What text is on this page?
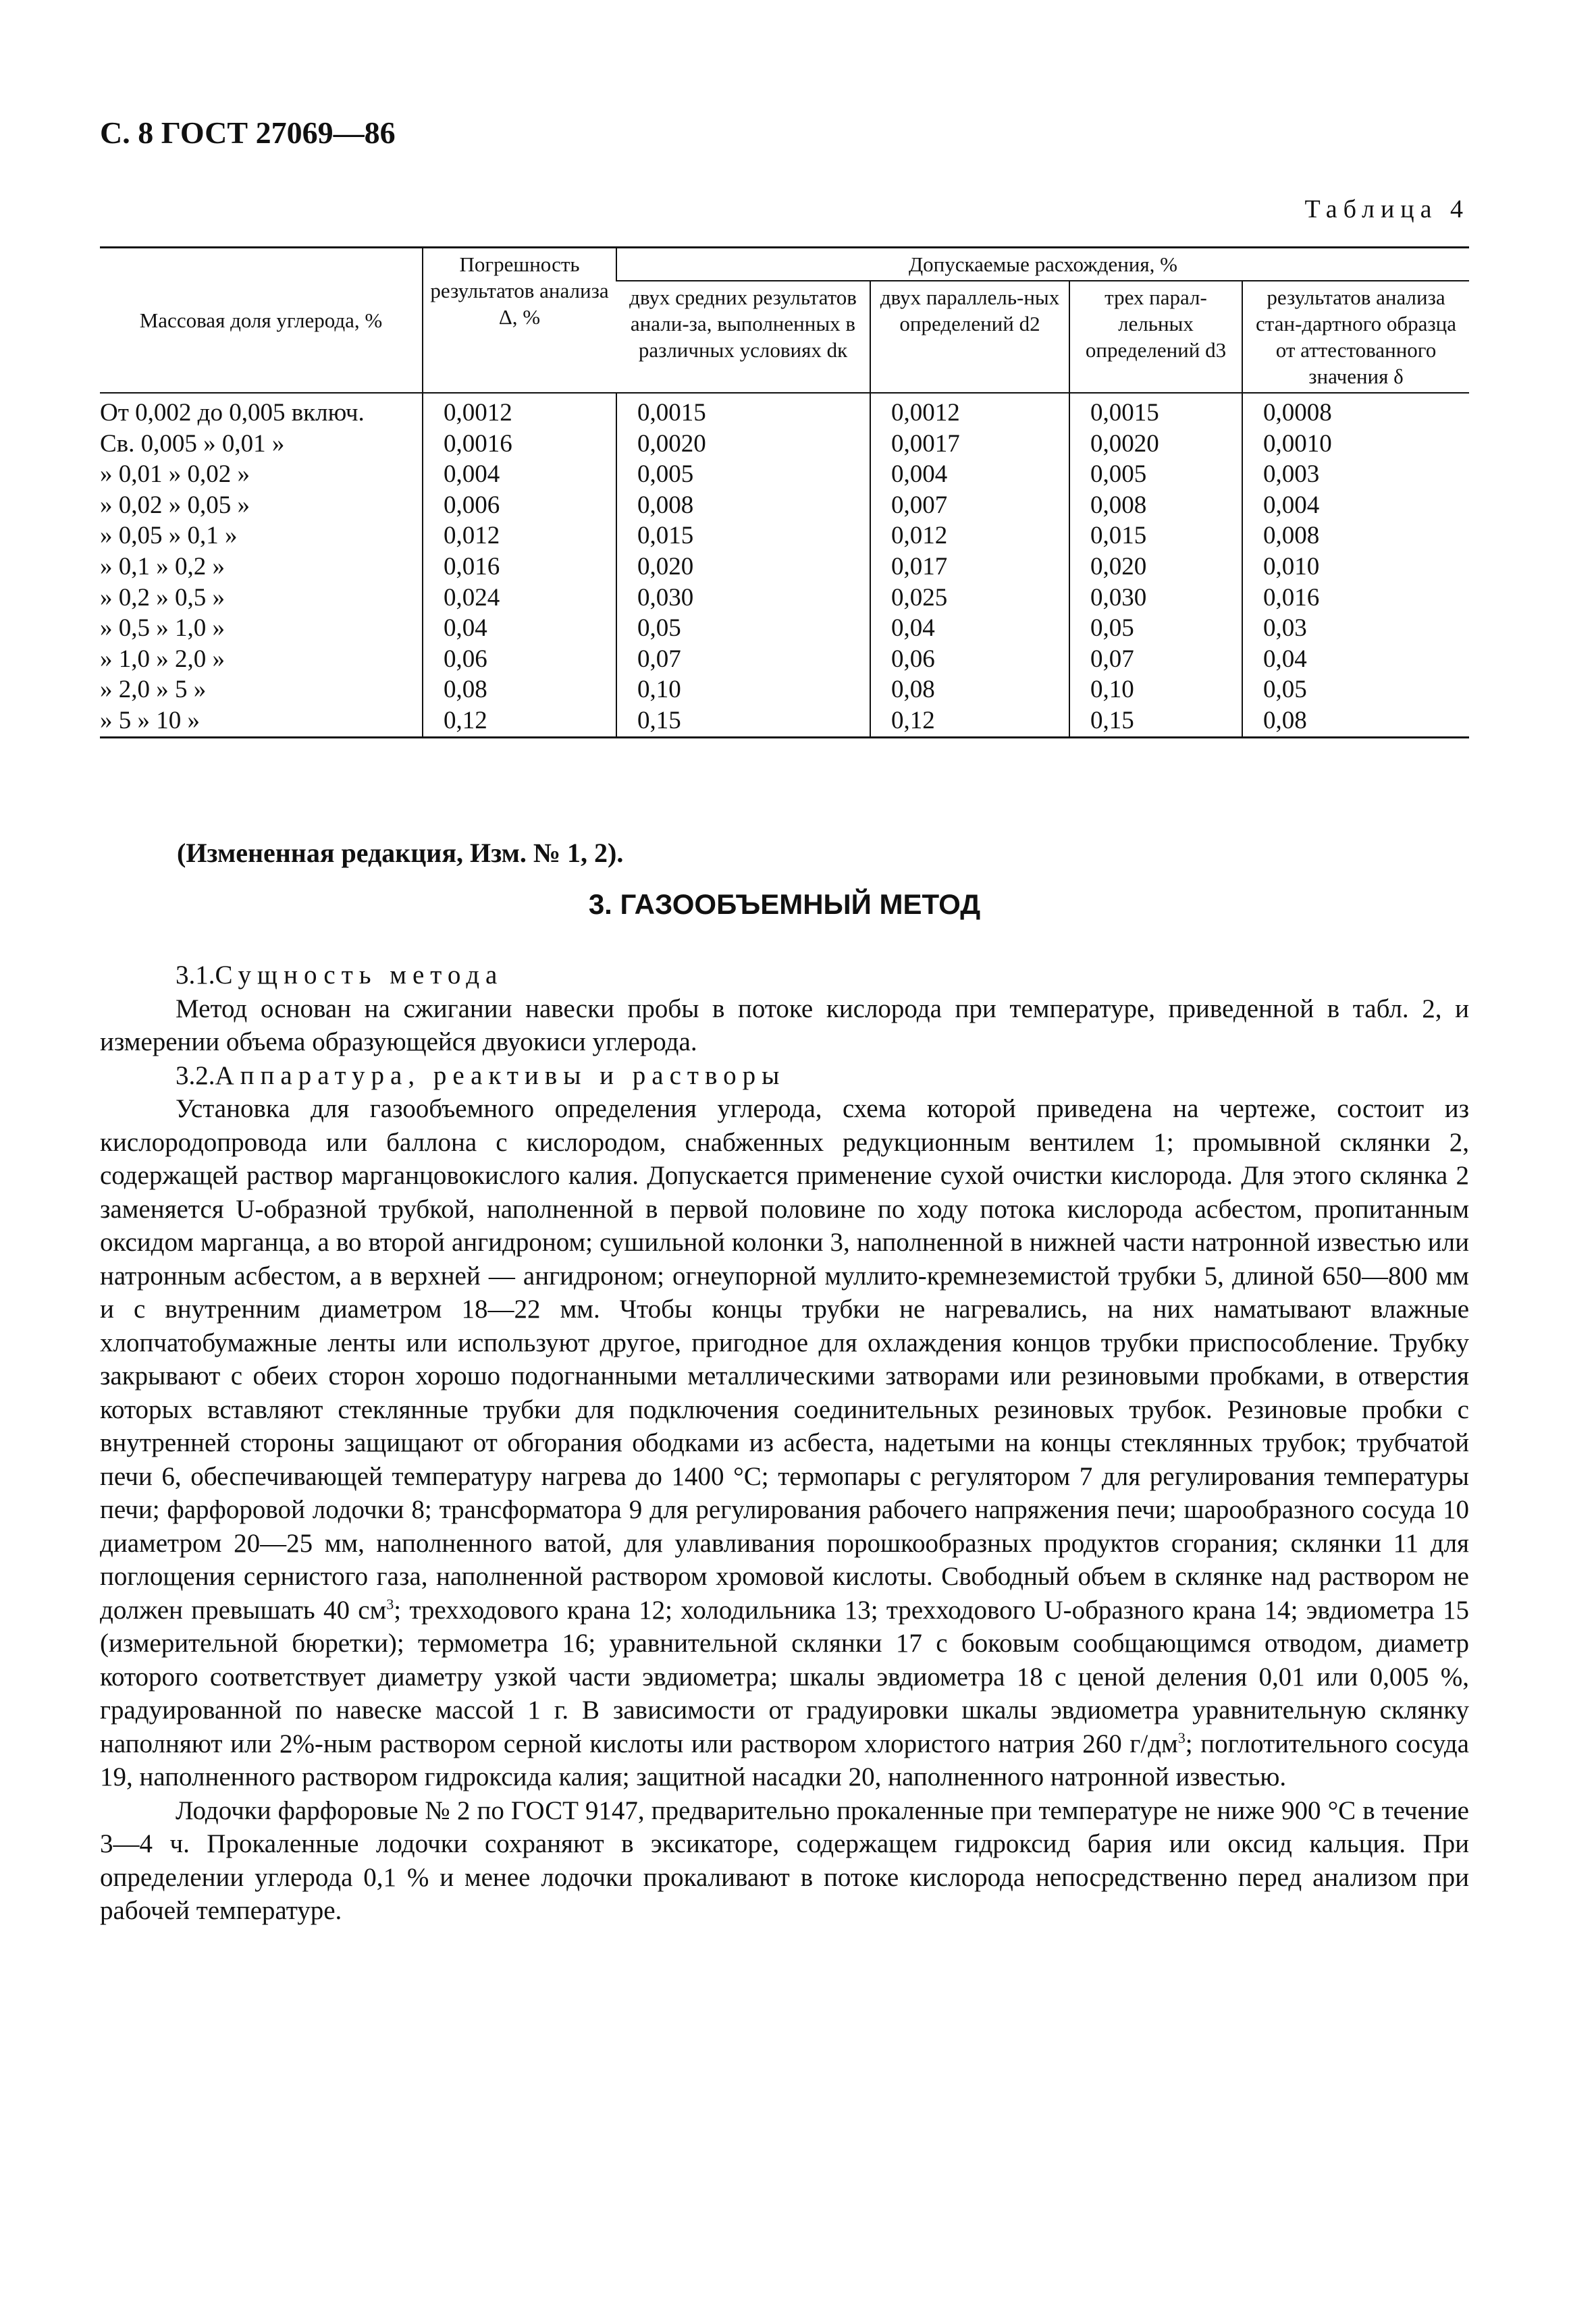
С. 8 ГОСТ 27069—86
Таблица 4
Массовая доля углерода, %	Погрешность результатов анализа Δ, %	Допускаемые расхождения, %			
		двух средних результатов анали-за, выполненных в различных условиях dк	двух параллель-ных определений d2	трех парал-лельных определений d3	результатов анализа стан-дартного образца от аттестованного значения δ
От 0,002 до 0,005 включ.	0,0012	0,0015	0,0012	0,0015	0,0008
Св. 0,005 » 0,01 »	0,0016	0,0020	0,0017	0,0020	0,0010
» 0,01 » 0,02 »	0,004	0,005	0,004	0,005	0,003
» 0,02 » 0,05 »	0,006	0,008	0,007	0,008	0,004
» 0,05 » 0,1 »	0,012	0,015	0,012	0,015	0,008
» 0,1 » 0,2 »	0,016	0,020	0,017	0,020	0,010
» 0,2 » 0,5 »	0,024	0,030	0,025	0,030	0,016
» 0,5 » 1,0 »	0,04	0,05	0,04	0,05	0,03
» 1,0 » 2,0 »	0,06	0,07	0,06	0,07	0,04
» 2,0 » 5 »	0,08	0,10	0,08	0,10	0,05
» 5 » 10 »	0,12	0,15	0,12	0,15	0,08
(Измененная редакция, Изм. № 1, 2).
3. ГАЗООБЪЕМНЫЙ МЕТОД

3.1.Сущность метода

Метод основан на сжигании навески пробы в потоке кислорода при температуре, приведенной в табл. 2, и измерении объема образующейся двуокиси углерода.

3.2.Аппаратура, реактивы и растворы

Установка для газообъемного определения углерода, схема которой приведена на чертеже, состоит из кислородопровода или баллона с кислородом, снабженных редукционным вентилем 1; промывной склянки 2, содержащей раствор марганцовокислого калия. Допускается применение сухой очистки кислорода. Для этого склянка 2 заменяется U-образной трубкой, наполненной в первой половине по ходу потока кислорода асбестом, пропитанным оксидом марганца, а во второй ангидроном; сушильной колонки 3, наполненной в нижней части натронной известью или натронным асбестом, а в верхней — ангидроном; огнеупорной муллито-кремнеземистой трубки 5, длиной 650—800 мм и с внутренним диаметром 18—22 мм. Чтобы концы трубки не нагревались, на них наматывают влажные хлопчатобумажные ленты или используют другое, пригодное для охлаждения концов трубки приспособление. Трубку закрывают с обеих сторон хорошо подогнанными металлическими затворами или резиновыми пробками, в отверстия которых вставляют стеклянные трубки для подключения соединительных резиновых трубок. Резиновые пробки с внутренней стороны защищают от обгорания ободками из асбеста, надетыми на концы стеклянных трубок; трубчатой печи 6, обеспечивающей температуру нагрева до 1400 °С; термопары с регулятором 7 для регулирования температуры печи; фарфоровой лодочки 8; трансформатора 9 для регулирования рабочего напряжения печи; шарообразного сосуда 10 диаметром 20—25 мм, наполненного ватой, для улавливания порошкообразных продуктов сгорания; склянки 11 для поглощения сернистого газа, наполненной раствором хромовой кислоты. Свободный объем в склянке над раствором не должен превышать 40 $см^3$; трехходового крана 12; холодильника 13; трехходового U-образного крана 14; эвдиометра 15 (измерительной бюретки); термометра 16; уравнительной склянки 17 с боковым сообщающимся отводом, диаметр которого соответствует диаметру узкой части эвдиометра; шкалы эвдиометра 18 с ценой деления 0,01 или 0,005 %, градуированной по навеске массой 1 г. В зависимости от градуировки шкалы эвдиометра уравнительную склянку наполняют или 2%-ным раствором серной кислоты или раствором хлористого натрия 260 $г/дм^3$; поглотительного сосуда 19, наполненного раствором гидроксида калия; защитной насадки 20, наполненного натронной известью.

Лодочки фарфоровые № 2 по ГОСТ 9147, предварительно прокаленные при температуре не ниже 900 °С в течение 3—4 ч. Прокаленные лодочки сохраняют в эксикаторе, содержащем гидроксид бария или оксид кальция. При определении углерода 0,1 % и менее лодочки прокаливают в потоке кислорода непосредственно перед анализом при рабочей температуре.
